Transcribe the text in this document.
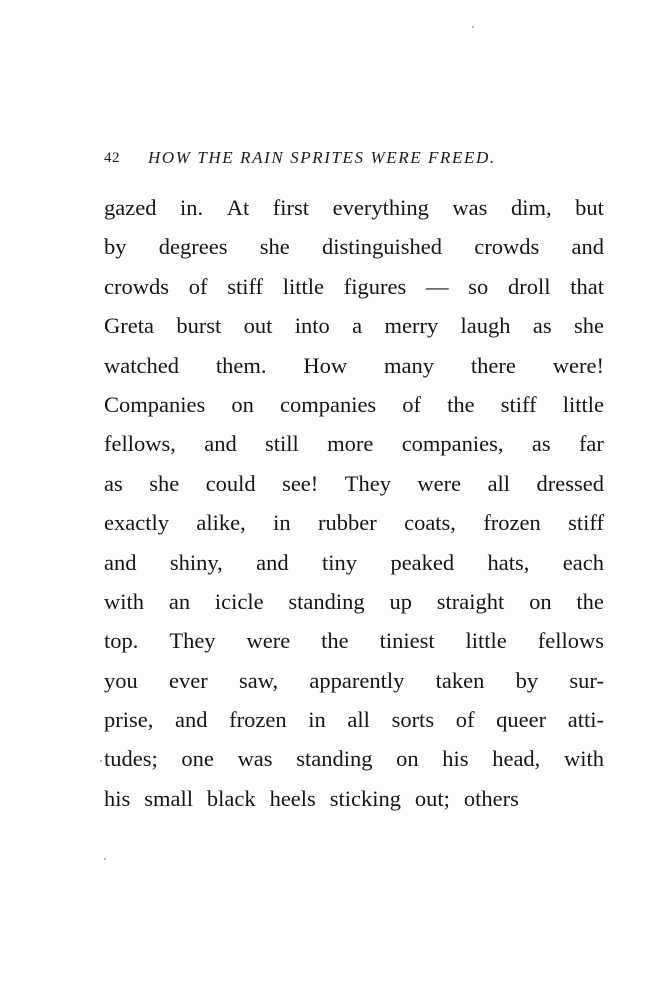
42 HOW THE RAIN SPRITES WERE FREED.
gazed in. At first everything was dim, but
by degrees she distinguished crowds and
crowds of stiff little figures — so droll that
Greta burst out into a merry laugh as she
watched them. How many there were!
Companies on companies of the stiff little
fellows, and still more companies, as far
as she could see! They were all dressed
exactly alike, in rubber coats, frozen stiff
and shiny, and tiny peaked hats, each
with an icicle standing up straight on the
top. They were the tiniest little fellows
you ever saw, apparently taken by sur-
prise, and frozen in all sorts of queer atti-
tudes; one was standing on his head, with
his small black heels sticking out; others
